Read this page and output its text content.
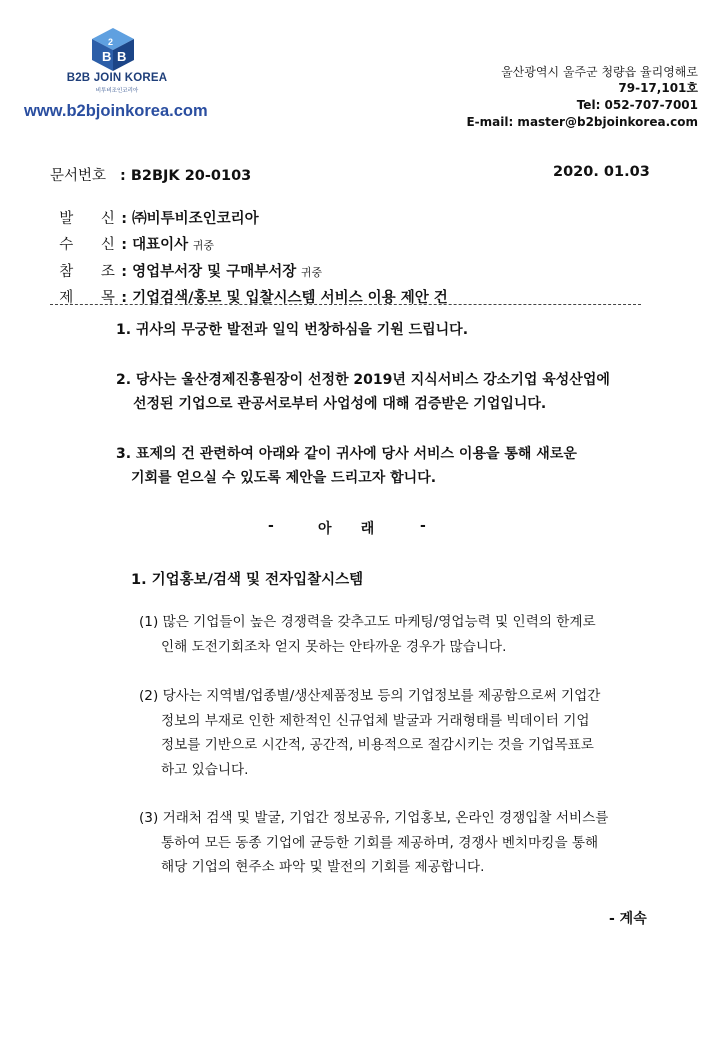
B B
2
B2B JOIN KOREA
비투비조인코리아
www.b2bjoinkorea.com
울산광역시 울주군 청량읍 율리영해로
79-17,101호
Tel: 052-707-7001
E-mail: master@b2bjoinkorea.com
문서번호 : B2BJK 20-0103	2020. 01.03

발      신 : ㈜비투비조인코리아

수      신 : 대표이사 귀중

참      조 : 영업부서장 및 구매부서장 귀중

제      목 : 기업검색/홍보 및 입찰시스템 서비스 이용 제안 건

1. 귀사의 무궁한 발전과 일익 번창하심을 기원 드립니다.
2. 당사는 울산경제진흥원장이 선정한 2019년 지식서비스 강소기업 육성산업에
선정된 기업으로 관공서로부터 사업성에 대해 검증받은 기업입니다.
3. 표제의 건 관련하여 아래와 같이 귀사에 당사 서비스 이용을 통해 새로운
기회를 얻으실 수 있도록 제안을 드리고자 합니다.
-	아      래	-
1. 기업홍보/검색 및 전자입찰시스템
(1) 많은 기업들이 높은 경쟁력을 갖추고도 마케팅/영업능력 및 인력의 한계로
인해 도전기회조차 얻지 못하는 안타까운 경우가 많습니다.
(2) 당사는 지역별/업종별/생산제품정보 등의 기업정보를 제공함으로써 기업간
정보의 부재로 인한 제한적인 신규업체 발굴과 거래형태를 빅데이터 기업
정보를 기반으로 시간적, 공간적, 비용적으로 절감시키는 것을 기업목표로
하고 있습니다.
(3) 거래처 검색 및 발굴, 기업간 정보공유, 기업홍보, 온라인 경쟁입찰 서비스를
통하여 모든 동종 기업에 균등한 기회를 제공하며, 경쟁사 벤치마킹을 통해
해당 기업의 현주소 파악 및 발전의 기회를 제공합니다.
- 계속
